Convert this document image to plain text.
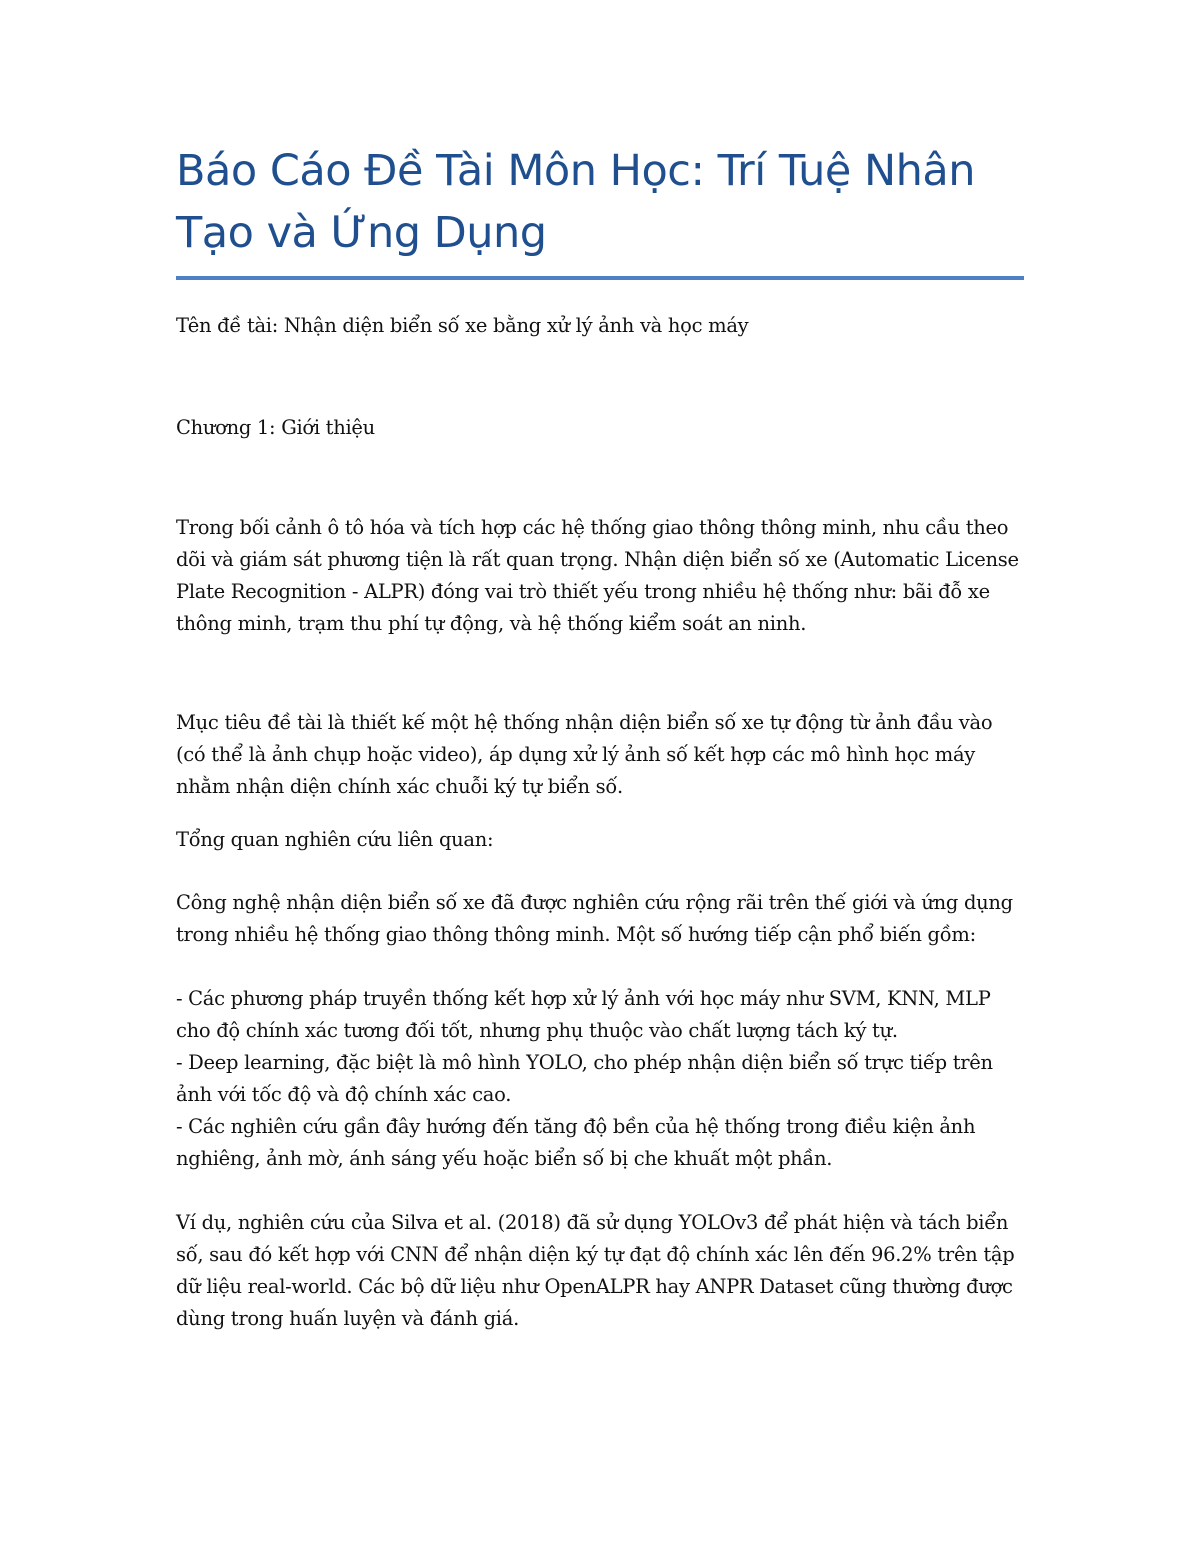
Báo Cáo Đề Tài Môn Học: Trí Tuệ Nhân Tạo và Ứng Dụng

Tên đề tài: Nhận diện biển số xe bằng xử lý ảnh và học máy

Chương 1: Giới thiệu

Trong bối cảnh ô tô hóa và tích hợp các hệ thống giao thông thông minh, nhu cầu theo dõi và giám sát phương tiện là rất quan trọng. Nhận diện biển số xe (Automatic License Plate Recognition - ALPR) đóng vai trò thiết yếu trong nhiều hệ thống như: bãi đỗ xe thông minh, trạm thu phí tự động, và hệ thống kiểm soát an ninh.

Mục tiêu đề tài là thiết kế một hệ thống nhận diện biển số xe tự động từ ảnh đầu vào (có thể là ảnh chụp hoặc video), áp dụng xử lý ảnh số kết hợp các mô hình học máy nhằm nhận diện chính xác chuỗi ký tự biển số.

Tổng quan nghiên cứu liên quan:

Công nghệ nhận diện biển số xe đã được nghiên cứu rộng rãi trên thế giới và ứng dụng trong nhiều hệ thống giao thông thông minh. Một số hướng tiếp cận phổ biến gồm:

- Các phương pháp truyền thống kết hợp xử lý ảnh với học máy như SVM, KNN, MLP cho độ chính xác tương đối tốt, nhưng phụ thuộc vào chất lượng tách ký tự.
- Deep learning, đặc biệt là mô hình YOLO, cho phép nhận diện biển số trực tiếp trên ảnh với tốc độ và độ chính xác cao.
- Các nghiên cứu gần đây hướng đến tăng độ bền của hệ thống trong điều kiện ảnh nghiêng, ảnh mờ, ánh sáng yếu hoặc biển số bị che khuất một phần.

Ví dụ, nghiên cứu của Silva et al. (2018) đã sử dụng YOLOv3 để phát hiện và tách biển số, sau đó kết hợp với CNN để nhận diện ký tự đạt độ chính xác lên đến 96.2% trên tập dữ liệu real-world. Các bộ dữ liệu như OpenALPR hay ANPR Dataset cũng thường được dùng trong huấn luyện và đánh giá.
